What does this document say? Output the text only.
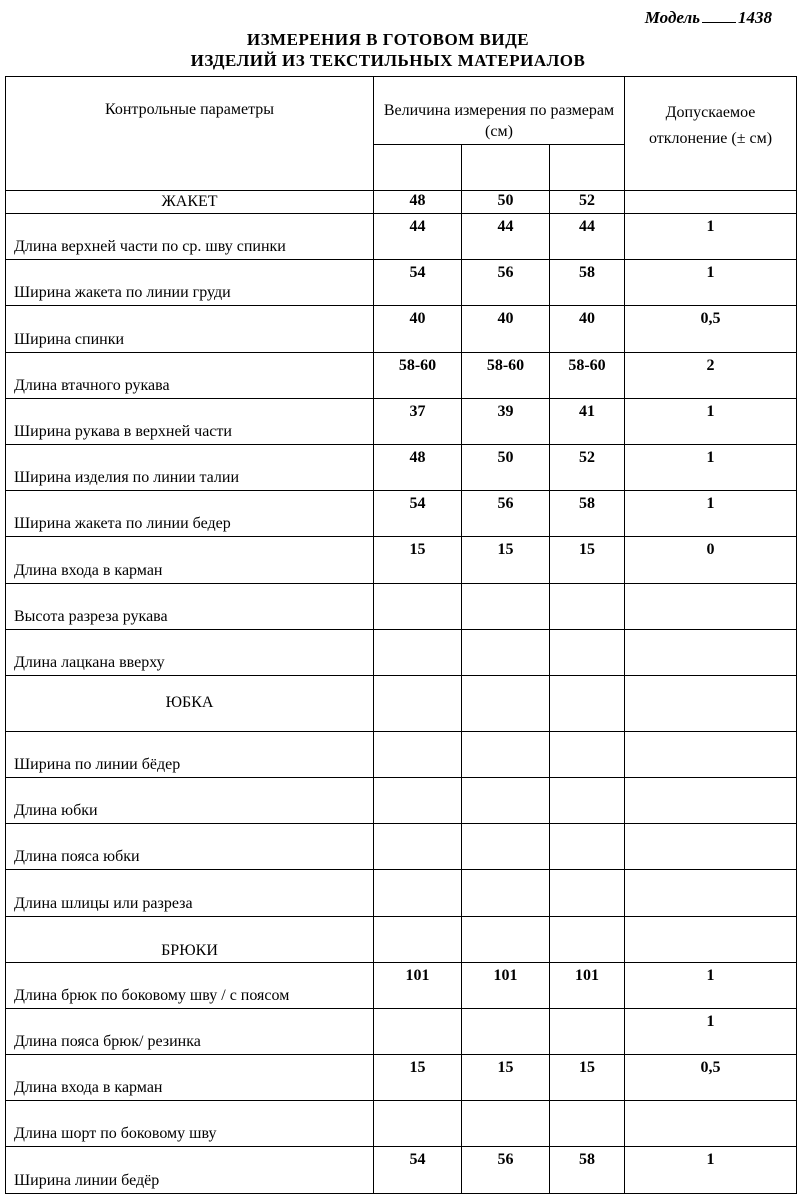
Модель 1438
ИЗМЕРЕНИЯ В ГОТОВОМ ВИДЕ
ИЗДЕЛИЙ ИЗ ТЕКСТИЛЬНЫХ МАТЕРИАЛОВ
Контрольные параметры	Величина измерения по размерам (см)			Допускаемое отклонение (± см)

ЖАКЕТ	48	50	52	
Длина верхней части по ср. шву спинки	44	44	44	1
Ширина жакета по линии груди	54	56	58	1
Ширина спинки	40	40	40	0,5
Длина втачного рукава	58-60	58-60	58-60	2
Ширина рукава в верхней части	37	39	41	1
Ширина изделия по линии талии	48	50	52	1
Ширина жакета по линии бедер	54	56	58	1
Длина входа в карман	15	15	15	0
Высота разреза рукава				
Длина лацкана вверху				
ЮБКА				
Ширина по линии бёдер				
Длина юбки				
Длина пояса юбки				
Длина шлицы или разреза				
БРЮКИ				
Длина брюк по боковому шву / с поясом	101	101	101	1
Длина пояса брюк/ резинка				1
Длина входа в карман	15	15	15	0,5
Длина шорт по боковому шву				
Ширина линии бедёр	54	56	58	1
